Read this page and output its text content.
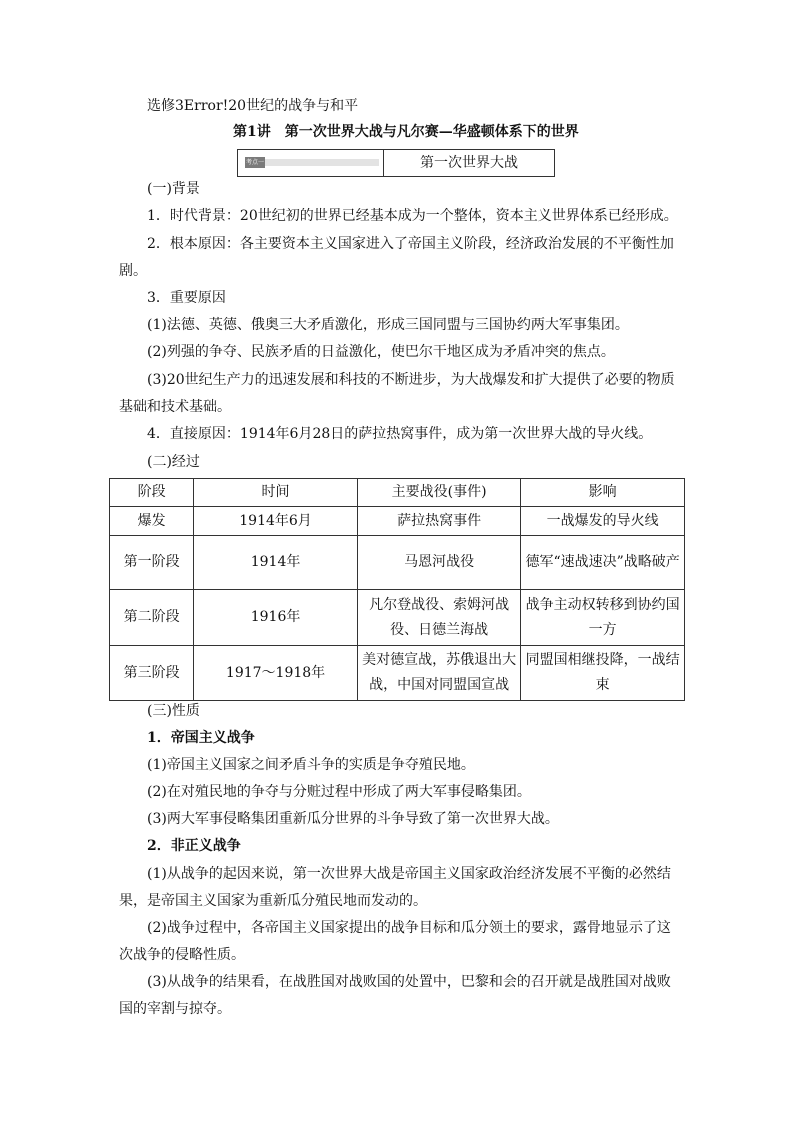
选修3Error!20世纪的战争与和平
第1讲　第一次世界大战与凡尔赛—华盛顿体系下的世界
考点一	第一次世界大战
(一)背景
1．时代背景：20世纪初的世界已经基本成为一个整体，资本主义世界体系已经形成。
2．根本原因：各主要资本主义国家进入了帝国主义阶段，经济政治发展的不平衡性加
剧。
3．重要原因
(1)法德、英德、俄奥三大矛盾激化，形成三国同盟与三国协约两大军事集团。
(2)列强的争夺、民族矛盾的日益激化，使巴尔干地区成为矛盾冲突的焦点。
(3)20世纪生产力的迅速发展和科技的不断进步，为大战爆发和扩大提供了必要的物质
基础和技术基础。
4．直接原因：1914年6月28日的萨拉热窝事件，成为第一次世界大战的导火线。
(二)经过
阶段	时间	主要战役(事件)	影响
爆发	1914年6月	萨拉热窝事件	一战爆发的导火线
第一阶段	1914年	马恩河战役	德军“速战速决”战略破产
第二阶段	1916年	凡尔登战役、索姆河战役、日德兰海战	战争主动权转移到协约国一方
第三阶段	1917～1918年	美对德宣战，苏俄退出大战，中国对同盟国宣战	同盟国相继投降，一战结束
(三)性质
1．帝国主义战争
(1)帝国主义国家之间矛盾斗争的实质是争夺殖民地。
(2)在对殖民地的争夺与分赃过程中形成了两大军事侵略集团。
(3)两大军事侵略集团重新瓜分世界的斗争导致了第一次世界大战。
2．非正义战争
(1)从战争的起因来说，第一次世界大战是帝国主义国家政治经济发展不平衡的必然结
果，是帝国主义国家为重新瓜分殖民地而发动的。
(2)战争过程中，各帝国主义国家提出的战争目标和瓜分领土的要求，露骨地显示了这
次战争的侵略性质。
(3)从战争的结果看，在战胜国对战败国的处置中，巴黎和会的召开就是战胜国对战败
国的宰割与掠夺。
